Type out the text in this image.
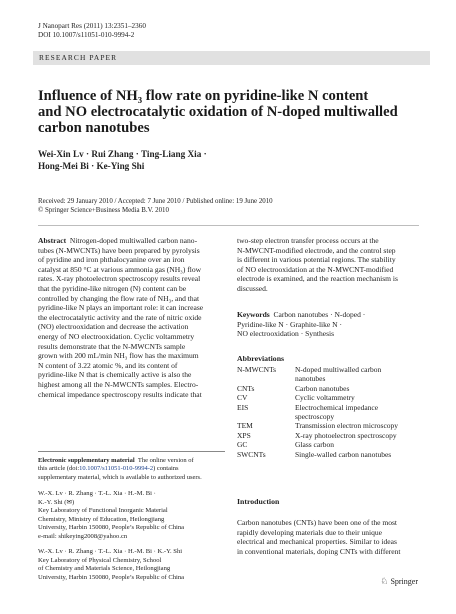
J Nanopart Res (2011) 13:2351–2360
DOI 10.1007/s11051-010-9994-2
RESEARCH PAPER
Influence of NH₃ flow rate on pyridine-like N content
and NO electrocatalytic oxidation of N-doped multiwalled
carbon nanotubes
Wei-Xin Lv · Rui Zhang · Ting-Liang Xia ·
Hong-Mei Bi · Ke-Ying Shi
Received: 29 January 2010 / Accepted: 7 June 2010 / Published online: 19 June 2010
© Springer Science+Business Media B.V. 2010
Abstract Nitrogen-doped multiwalled carbon nano-
tubes (N-MWCNTs) have been prepared by pyrolysis
of pyridine and iron phthalocyanine over an iron
catalyst at 850 °C at various ammonia gas (NH₃) flow
rates. X-ray photoelectron spectroscopy results reveal
that the pyridine-like nitrogen (N) content can be
controlled by changing the flow rate of NH₃, and that
pyridine-like N plays an important role: it can increase
the electrocatalytic activity and the rate of nitric oxide
(NO) electrooxidation and decrease the activation
energy of NO electrooxidation. Cyclic voltammetry
results demonstrate that the N-MWCNTs sample
grown with 200 mL/min NH₃ flow has the maximum
N content of 3.22 atomic %, and its content of
pyridine-like N that is chemically active is also the
highest among all the N-MWCNTs samples. Electro-
chemical impedance spectroscopy results indicate that
Electronic supplementary material The online version of
this article (doi:10.1007/s11051-010-9994-2) contains
supplementary material, which is available to authorized users.
W.-X. Lv · R. Zhang · T.-L. Xia · H.-M. Bi ·
K.-Y. Shi (✉)
Key Laboratory of Functional Inorganic Material
Chemistry, Ministry of Education, Heilongjiang
University, Harbin 150080, People’s Republic of China
e-mail: shikeying2008@yahoo.cn
W.-X. Lv · R. Zhang · T.-L. Xia · H.-M. Bi · K.-Y. Shi
Key Laboratory of Physical Chemistry, School
of Chemistry and Materials Science, Heilongjiang
University, Harbin 150080, People’s Republic of China
two-step electron transfer process occurs at the
N-MWCNT-modified electrode, and the control step
is different in various potential regions. The stability
of NO electrooxidation at the N-MWCNT-modified
electrode is examined, and the reaction mechanism is
discussed.
Keywords Carbon nanotubes · N-doped ·
Pyridine-like N · Graphite-like N ·
NO electrooxidation · Synthesis
Abbreviations
N-MWCNTs	N-doped multiwalled carbon
nanotubes

CNTs	Carbon nanotubes
CV	Cyclic voltammetry
EIS	Electrochemical impedance
spectroscopy

TEM	Transmission electron microscopy
XPS	X-ray photoelectron spectroscopy
GC	Glass carbon
SWCNTs	Single-walled carbon nanotubes
Introduction
Carbon nanotubes (CNTs) have been one of the most
rapidly developing materials due to their unique
electrical and mechanical properties. Similar to ideas
in conventional materials, doping CNTs with different
♘ Springer
